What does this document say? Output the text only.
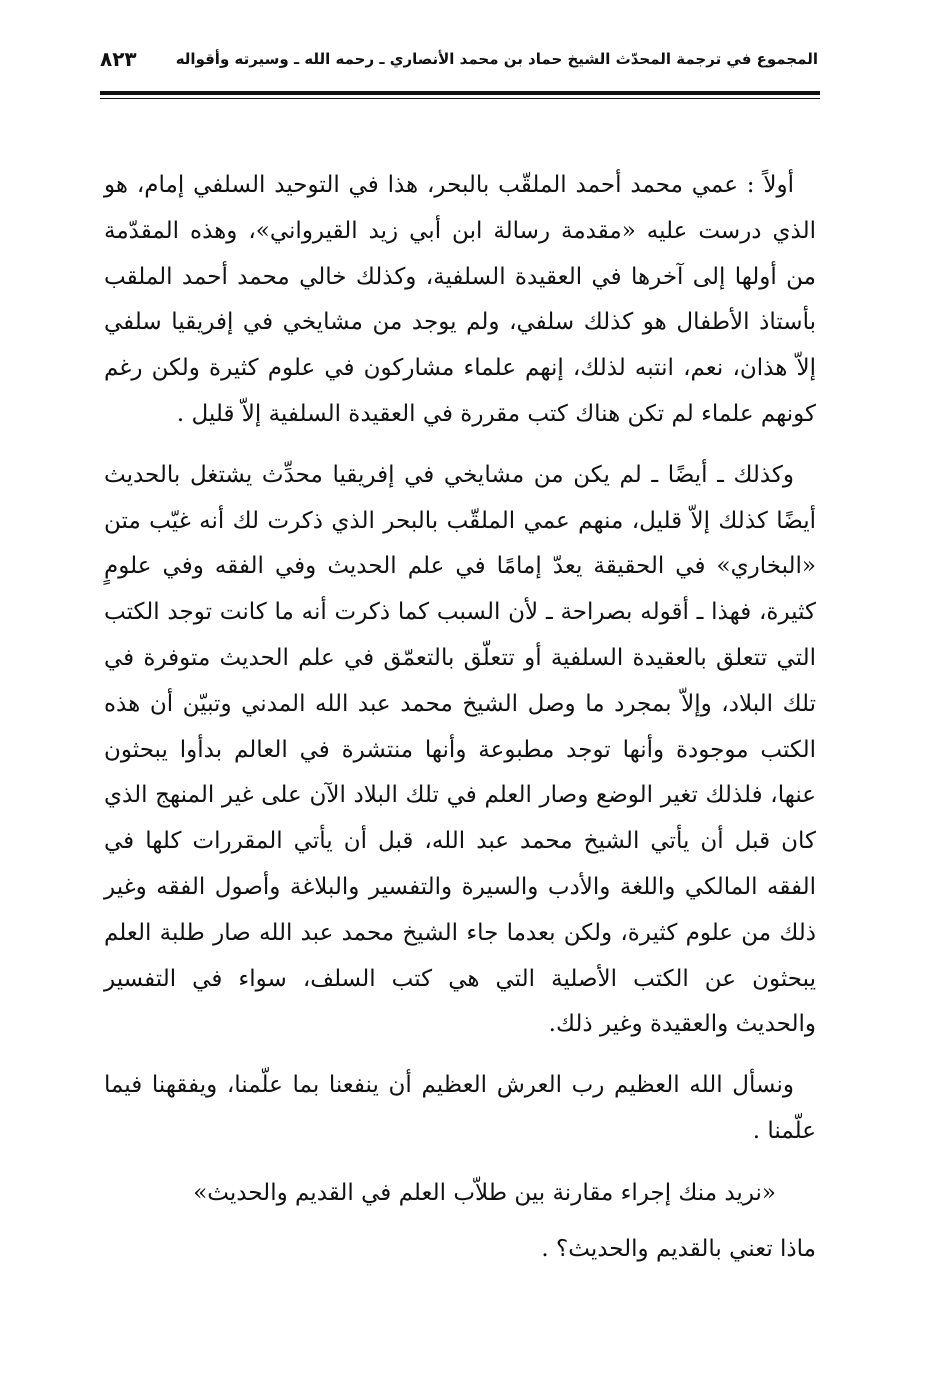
المجموع في ترجمة المحدّث الشيخ حماد بن محمد الأنصاري ـ رحمه الله ـ وسيرته وأقواله
٨٢٣

أولاً : عمي محمد أحمد الملقّب بالبحر، هذا في التوحيد السلفي إمام، هو الذي درست عليه «مقدمة رسالة ابن أبي زيد القيرواني»، وهذه المقدّمة من أولها إلى آخرها في العقيدة السلفية، وكذلك خالي محمد أحمد الملقب بأستاذ الأطفال هو كذلك سلفي، ولم يوجد من مشايخي في إفريقيا سلفي إلاّ هذان، نعم، انتبه لذلك، إنهم علماء مشاركون في علوم كثيرة ولكن رغم كونهم علماء لم تكن هناك كتب مقررة في العقيدة السلفية إلاّ قليل .

وكذلك ـ أيضًا ـ لم يكن من مشايخي في إفريقيا محدِّث يشتغل بالحديث أيضًا كذلك إلاّ قليل، منهم عمي الملقّب بالبحر الذي ذكرت لك أنه غيّب متن «البخاري» في الحقيقة يعدّ إمامًا في علم الحديث وفي الفقه وفي علومٍ كثيرة، فهذا ـ أقوله بصراحة ـ لأن السبب كما ذكرت أنه ما كانت توجد الكتب التي تتعلق بالعقيدة السلفية أو تتعلّق بالتعمّق في علم الحديث متوفرة في تلك البلاد، وإلاّ بمجرد ما وصل الشيخ محمد عبد الله المدني وتبيّن أن هذه الكتب موجودة وأنها توجد مطبوعة وأنها منتشرة في العالم بدأوا يبحثون عنها، فلذلك تغير الوضع وصار العلم في تلك البلاد الآن على غير المنهج الذي كان قبل أن يأتي الشيخ محمد عبد الله، قبل أن يأتي المقررات كلها في الفقه المالكي واللغة والأدب والسيرة والتفسير والبلاغة وأصول الفقه وغير ذلك من علوم كثيرة، ولكن بعدما جاء الشيخ محمد عبد الله صار طلبة العلم يبحثون عن الكتب الأصلية التي هي كتب السلف، سواء في التفسير والحديث والعقيدة وغير ذلك.

ونسأل الله العظيم رب العرش العظيم أن ينفعنا بما علّمنا، ويفقهنا فيما علّمنا .

«نريد منك إجراء مقارنة بين طلاّب العلم في القديم والحديث»

ماذا تعني بالقديم والحديث؟ .
